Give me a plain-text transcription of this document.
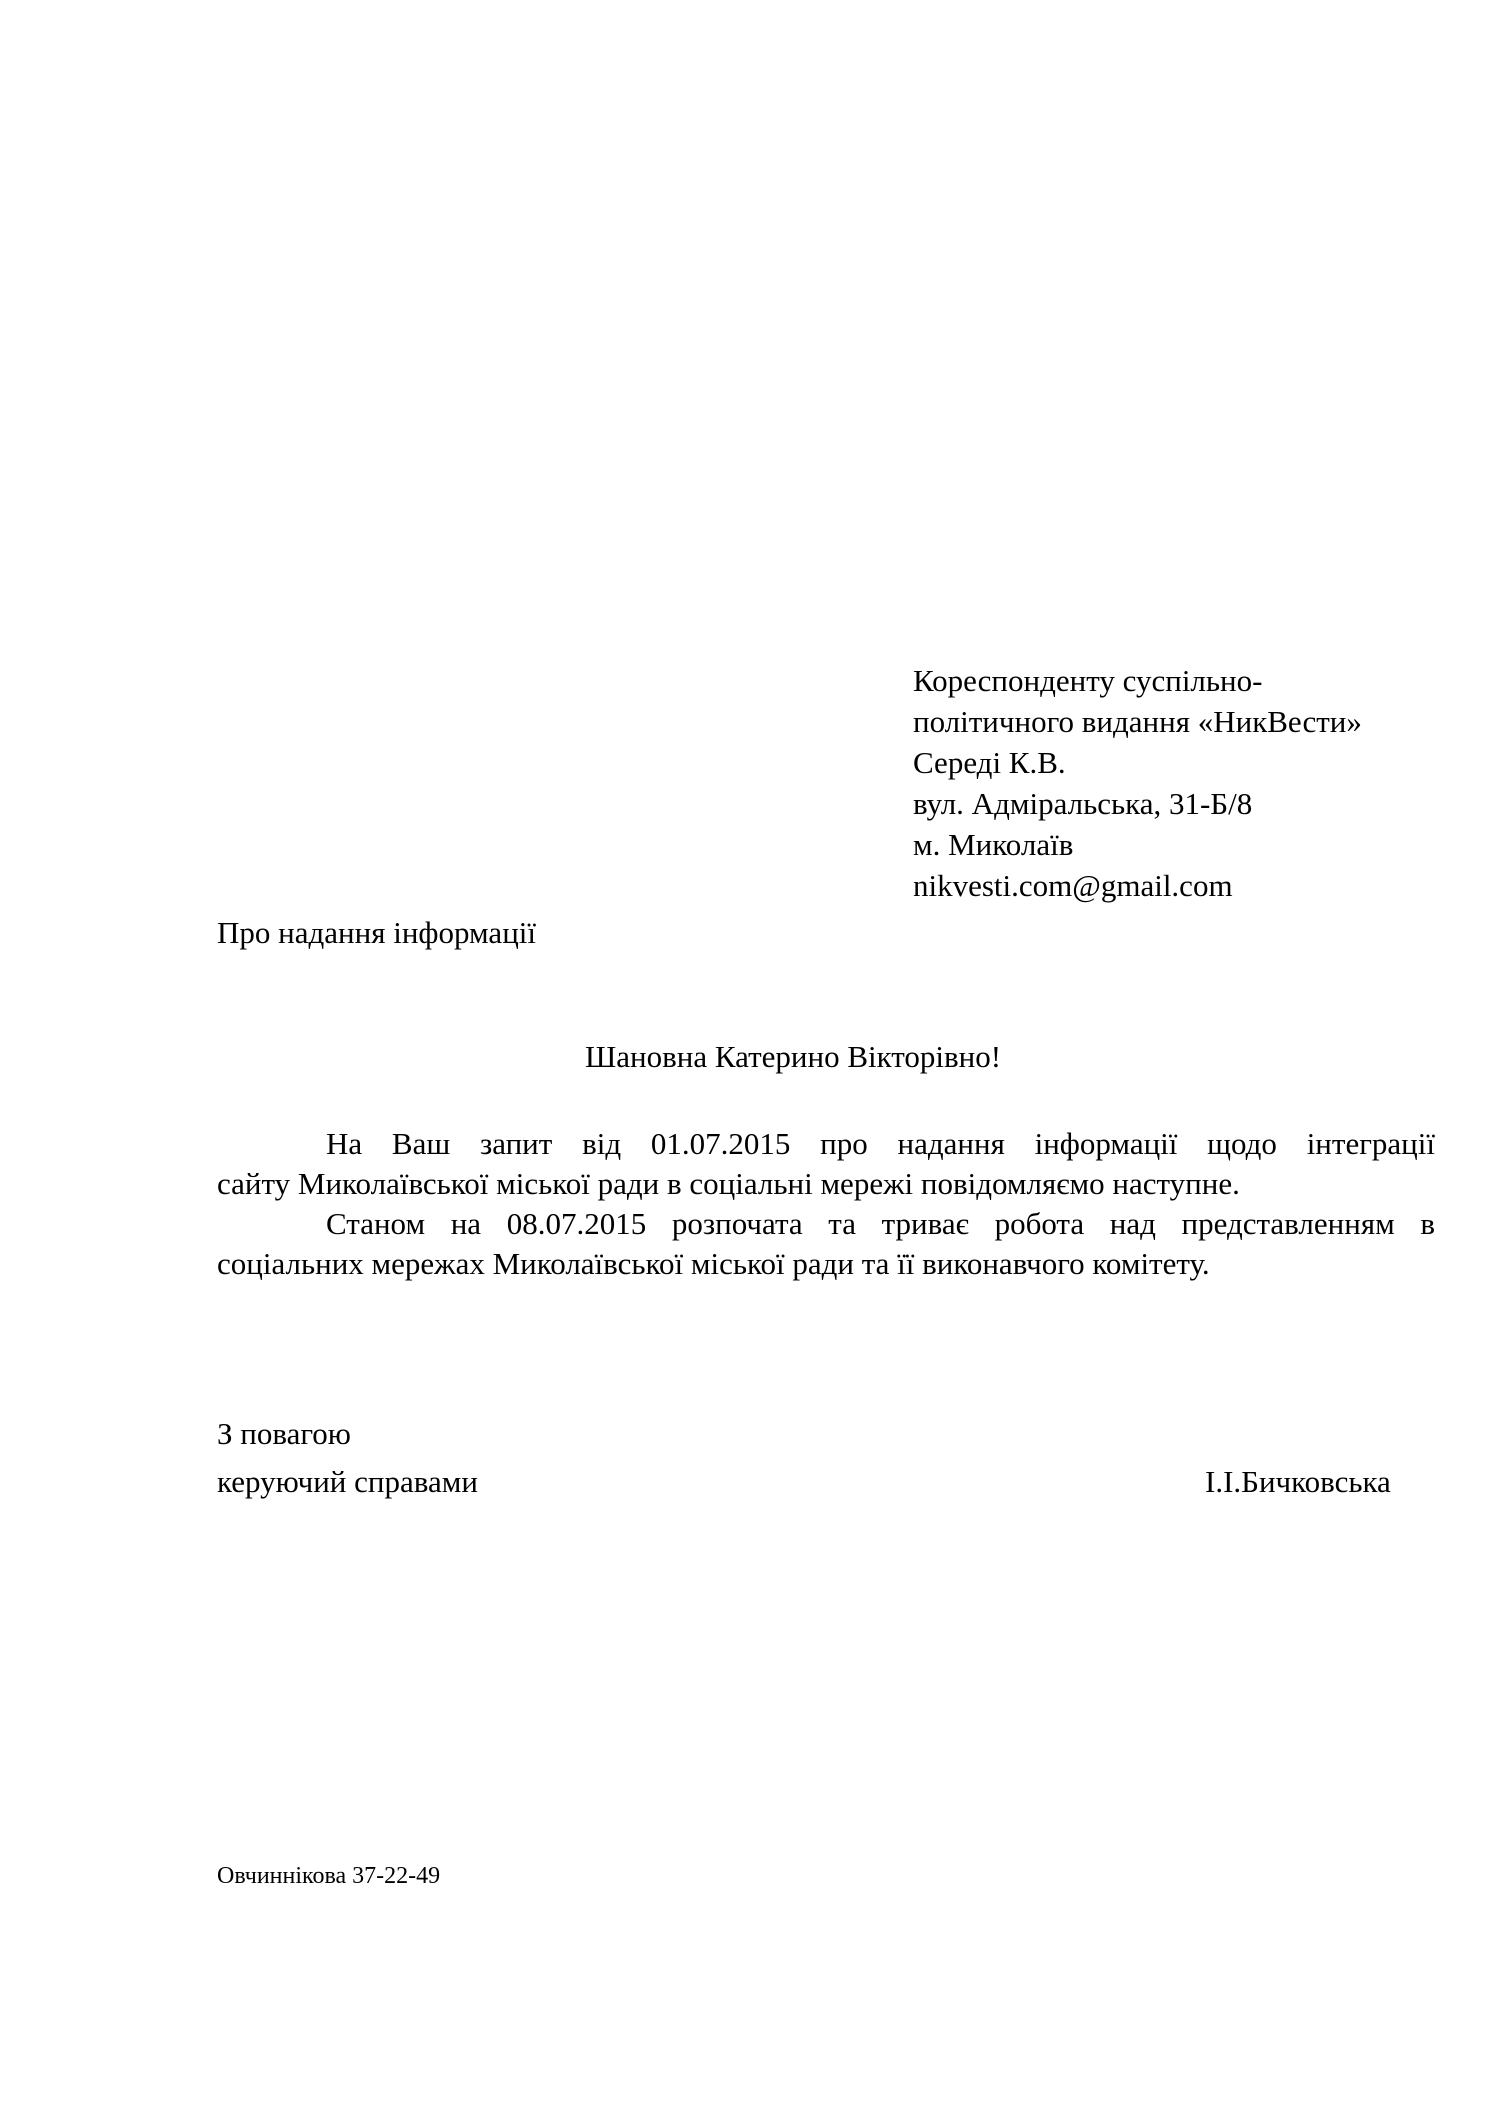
Кореспонденту суспільно-
політичного видання «НикВести»
Середі К.В.
вул. Адміральська, 31-Б/8
м. Миколаїв
nikvesti.com@gmail.com
Про надання інформації
Шановна Катерино Вікторівно!

На Ваш запит від 01.07.2015 про надання інформації щодо інтеграції
сайту Миколаївської міської ради в соціальні мережі повідомляємо наступне.

Станом на 08.07.2015 розпочата та триває робота над представленням в
соціальних мережах Миколаївської міської ради та її виконавчого комітету.

З повагою
керуючий справами	І.І.Бичковська
Овчиннікова 37-22-49
